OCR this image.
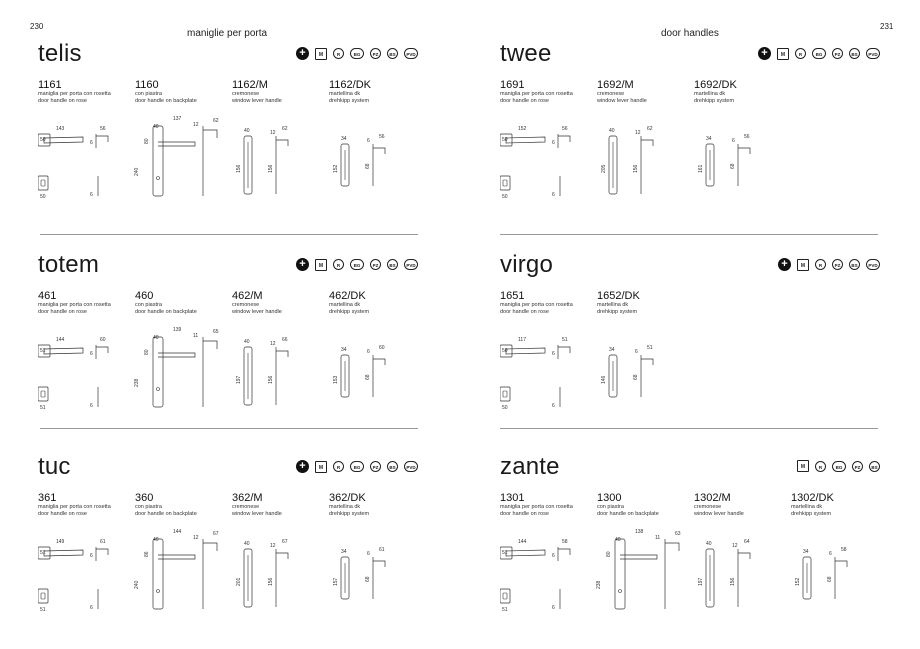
230
maniglie per porta	door handles
231
telis	+	M	R	BG	PZ	BS	PVD
1161
maniglia per porta con rosetta
door handle on rose
1160
con piastra
door handle on backplate
1162/M
cremonese
window lever handle
1162/DK
martellina dk
drehkipp system
143
50
56
6
50	6
137
40
62
12
80
240
40	62
12
156	156
34	56
6
152	68
twee	+	M	R	BG	PZ	BS	PVD
1691
maniglia per porta con rosetta
door handle on rose
1692/M
cremonese
window lever handle
1692/DK
martellina dk
drehkipp system
152
50
56
6
50	6
40	62
12
205	156
34	56
6
161	68
totem	+	M	R	BG	PZ	BS	PVD
461
maniglia per porta con rosetta
door handle on rose
460
con piastra
door handle on backplate
462/M
cremonese
window lever handle
462/DK
martellina dk
drehkipp system
144
51
60
6
51	6
139
40
65
11
80
238
40	66
12
197	156
34	60
6
153	68
virgo	+	M	R	PZ	BS	PVD
1651
maniglia per porta con rosetta
door handle on rose
1652/DK
martellina dk
drehkipp system
117
50
51
6
50	6
34	51
6
146	68
tuc	+	M	R	BG	PZ	BS	PVD
361
maniglia per porta con rosetta
door handle on rose
360
con piastra
door handle on backplate
362/M
cremonese
window lever handle
362/DK
martellina dk
drehkipp system
149
51
61
6
51	6
144
40
67
12
86
240
40	67
12
201	156
34	61
6
157	68
zante	M	R	BG	PZ	BS
1301
maniglia per porta con rosetta
door handle on rose
1300
con piastra
door handle on backplate
1302/M
cremonese
window lever handle
1302/DK
martellina dk
drehkipp system
144
51
58
6
51	6
138
40
63
11
80
238
40	64
12
197	156
34	58
6
152	68
